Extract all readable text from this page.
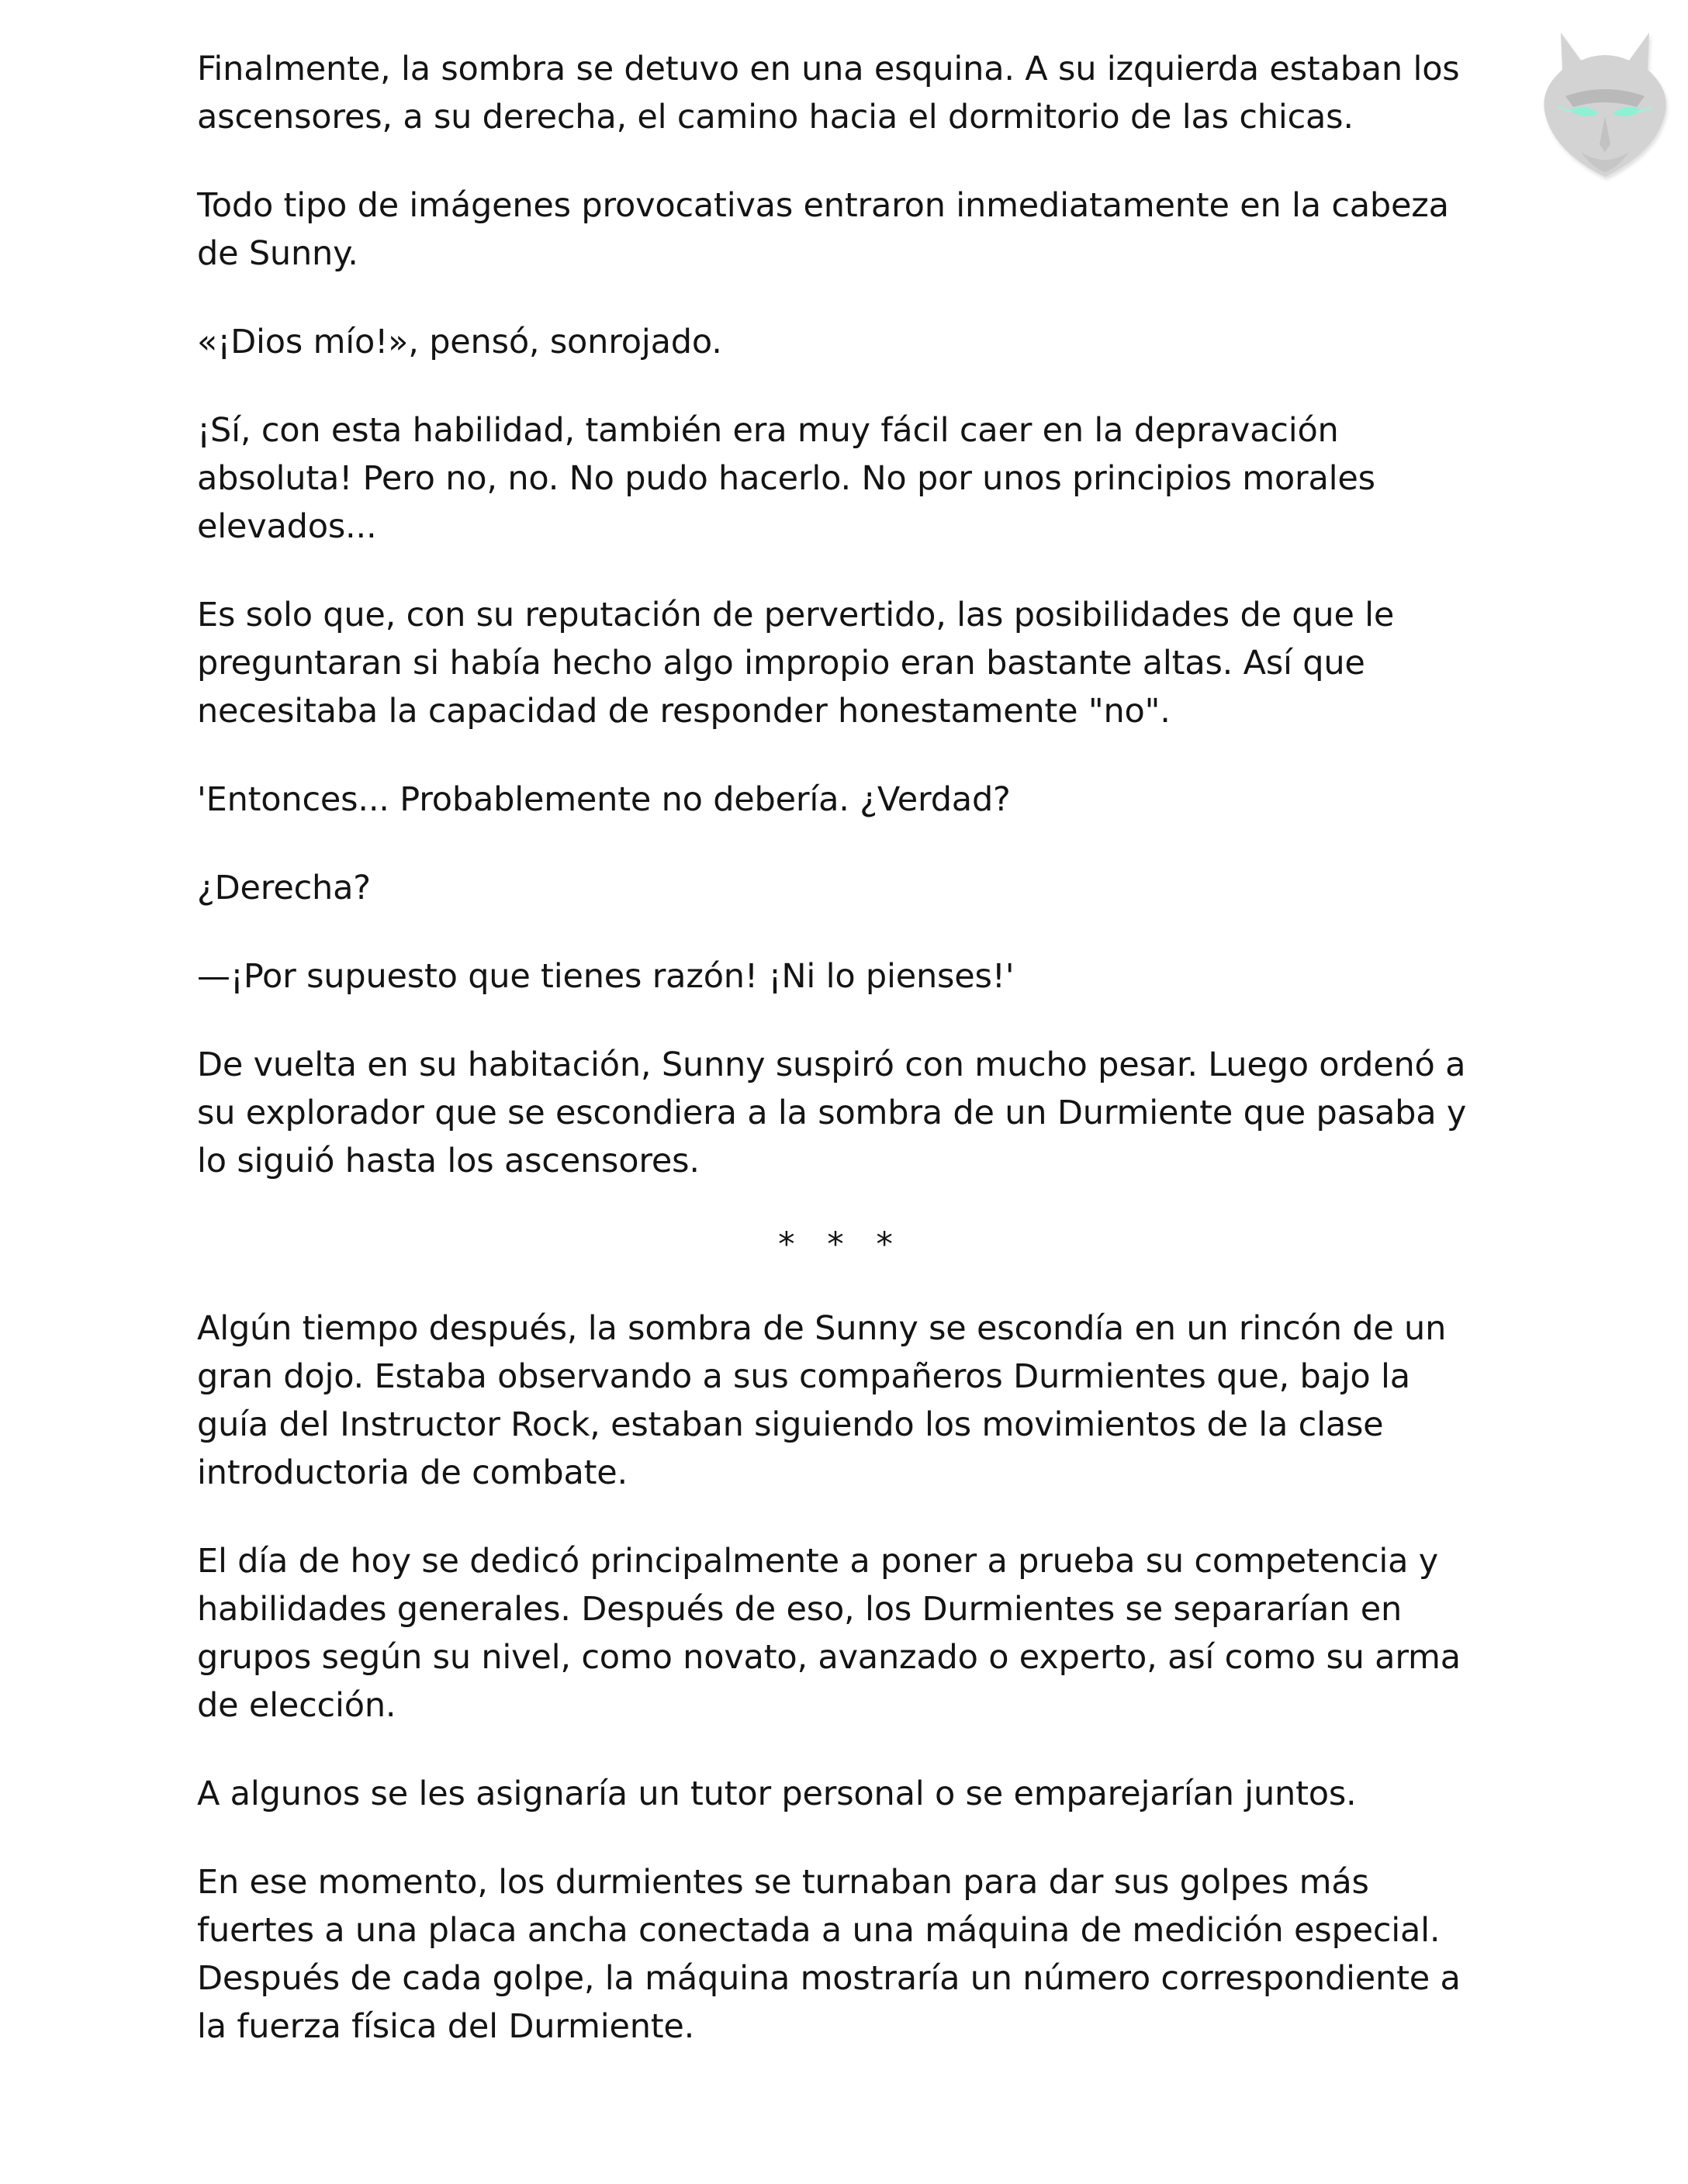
Finalmente, la sombra se detuvo en una esquina. A su izquierda estaban los ascensores, a su derecha, el camino hacia el dormitorio de las chicas.

Todo tipo de imágenes provocativas entraron inmediatamente en la cabeza de Sunny.

«¡Dios mío!», pensó, sonrojado.

¡Sí, con esta habilidad, también era muy fácil caer en la depravación absoluta! Pero no, no. No pudo hacerlo. No por unos principios morales elevados...

Es solo que, con su reputación de pervertido, las posibilidades de que le preguntaran si había hecho algo impropio eran bastante altas. Así que necesitaba la capacidad de responder honestamente "no".

'Entonces... Probablemente no debería. ¿Verdad?

¿Derecha?

—¡Por supuesto que tienes razón! ¡Ni lo pienses!'

De vuelta en su habitación, Sunny suspiró con mucho pesar. Luego ordenó a su explorador que se escondiera a la sombra de un Durmiente que pasaba y lo siguió hasta los ascensores.

* * *

Algún tiempo después, la sombra de Sunny se escondía en un rincón de un gran dojo. Estaba observando a sus compañeros Durmientes que, bajo la guía del Instructor Rock, estaban siguiendo los movimientos de la clase introductoria de combate.

El día de hoy se dedicó principalmente a poner a prueba su competencia y habilidades generales. Después de eso, los Durmientes se separarían en grupos según su nivel, como novato, avanzado o experto, así como su arma de elección.

A algunos se les asignaría un tutor personal o se emparejarían juntos.

En ese momento, los durmientes se turnaban para dar sus golpes más fuertes a una placa ancha conectada a una máquina de medición especial. Después de cada golpe, la máquina mostraría un número correspondiente a la fuerza física del Durmiente.
